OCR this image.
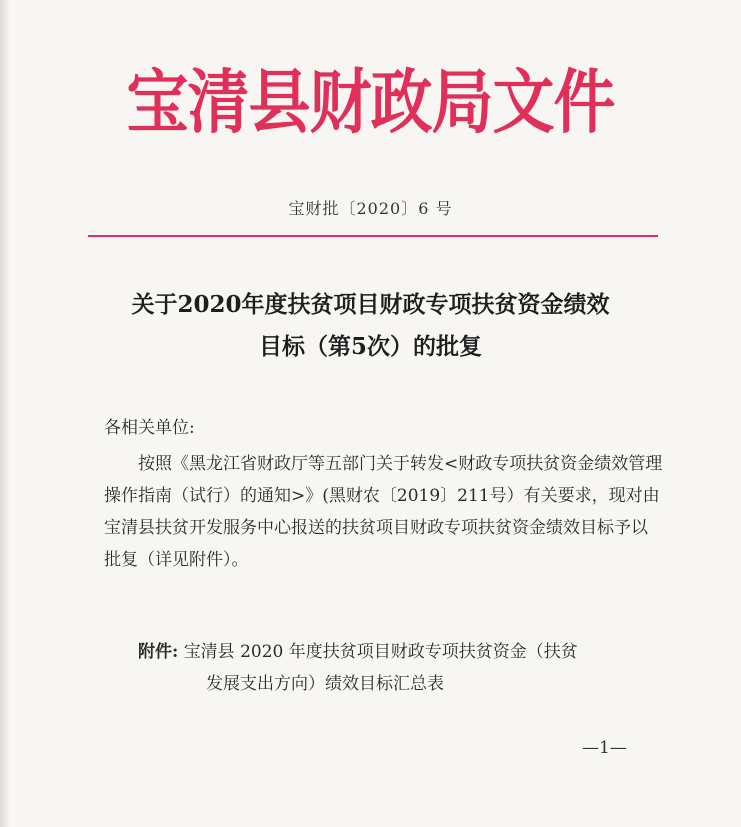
宝清县财政局文件
宝财批〔2020〕6 号
关于2020年度扶贫项目财政专项扶贫资金绩效
目标（第5次）的批复
各相关单位:
按照《黑龙江省财政厅等五部门关于转发<财政专项扶贫资金绩效管理操作指南（试行）的通知>》(黑财农〔2019〕211号）有关要求，现对由宝清县扶贫开发服务中心报送的扶贫项目财政专项扶贫资金绩效目标予以批复（详见附件）。
附件: 宝清县 2020 年度扶贫项目财政专项扶贫资金（扶贫
发展支出方向）绩效目标汇总表
—1—
